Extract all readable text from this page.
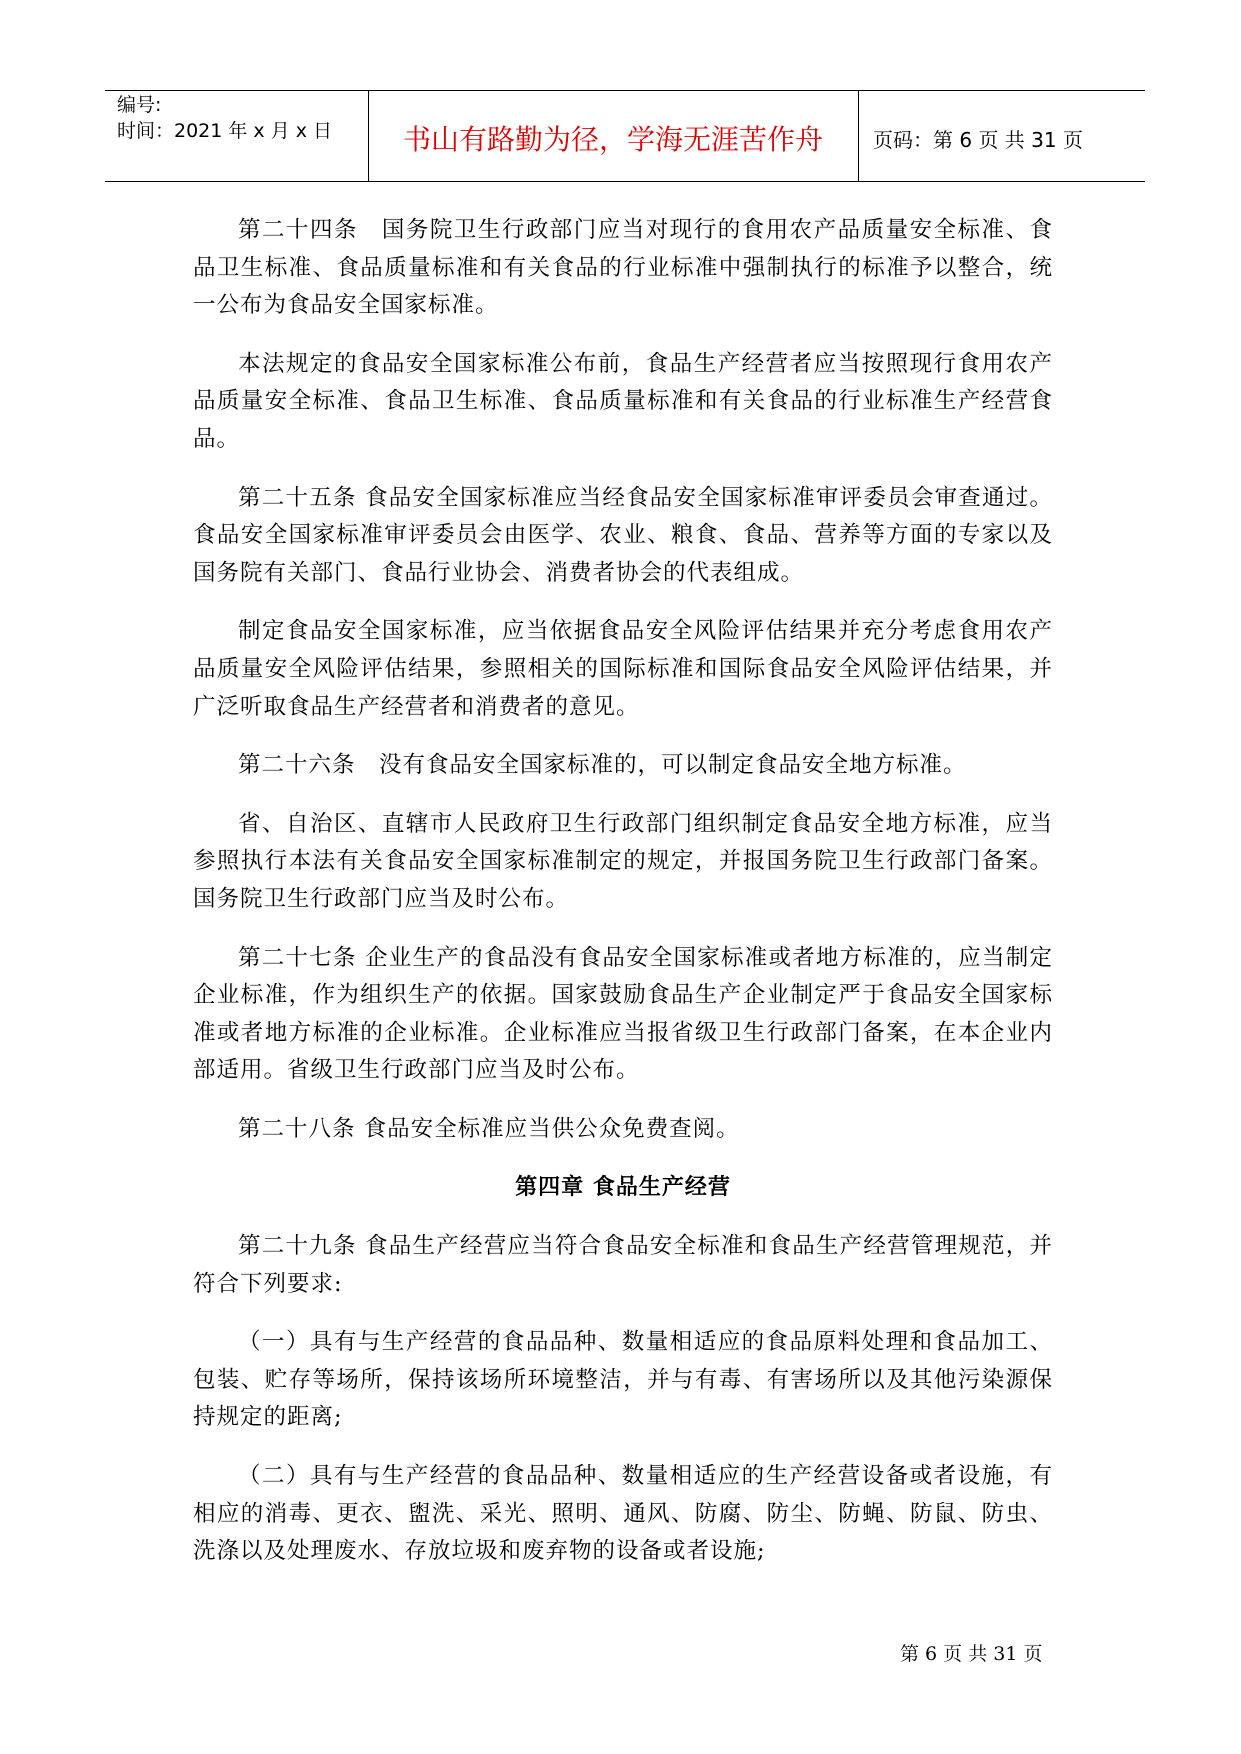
编号:
时间：2021 年 x 月 x 日	书山有路勤为径，学海无涯苦作舟	页码：第 6 页 共 31 页

第二十四条　国务院卫生行政部门应当对现行的食用农产品质量安全标准、食品卫生标准、食品质量标准和有关食品的行业标准中强制执行的标准予以整合，统一公布为食品安全国家标准。

本法规定的食品安全国家标准公布前，食品生产经营者应当按照现行食用农产品质量安全标准、食品卫生标准、食品质量标准和有关食品的行业标准生产经营食品。

第二十五条 食品安全国家标准应当经食品安全国家标准审评委员会审查通过。食品安全国家标准审评委员会由医学、农业、粮食、食品、营养等方面的专家以及国务院有关部门、食品行业协会、消费者协会的代表组成。

制定食品安全国家标准，应当依据食品安全风险评估结果并充分考虑食用农产品质量安全风险评估结果，参照相关的国际标准和国际食品安全风险评估结果，并广泛听取食品生产经营者和消费者的意见。

第二十六条　没有食品安全国家标准的，可以制定食品安全地方标准。

省、自治区、直辖市人民政府卫生行政部门组织制定食品安全地方标准，应当参照执行本法有关食品安全国家标准制定的规定，并报国务院卫生行政部门备案。国务院卫生行政部门应当及时公布。

第二十七条 企业生产的食品没有食品安全国家标准或者地方标准的，应当制定企业标准，作为组织生产的依据。国家鼓励食品生产企业制定严于食品安全国家标准或者地方标准的企业标准。企业标准应当报省级卫生行政部门备案，在本企业内部适用。省级卫生行政部门应当及时公布。

第二十八条 食品安全标准应当供公众免费查阅。

第四章 食品生产经营

第二十九条 食品生产经营应当符合食品安全标准和食品生产经营管理规范，并符合下列要求:

（一）具有与生产经营的食品品种、数量相适应的食品原料处理和食品加工、包装、贮存等场所，保持该场所环境整洁，并与有毒、有害场所以及其他污染源保持规定的距离;

（二）具有与生产经营的食品品种、数量相适应的生产经营设备或者设施，有相应的消毒、更衣、盥洗、采光、照明、通风、防腐、防尘、防蝇、防鼠、防虫、洗涤以及处理废水、存放垃圾和废弃物的设备或者设施;

第 6 页 共 31 页
